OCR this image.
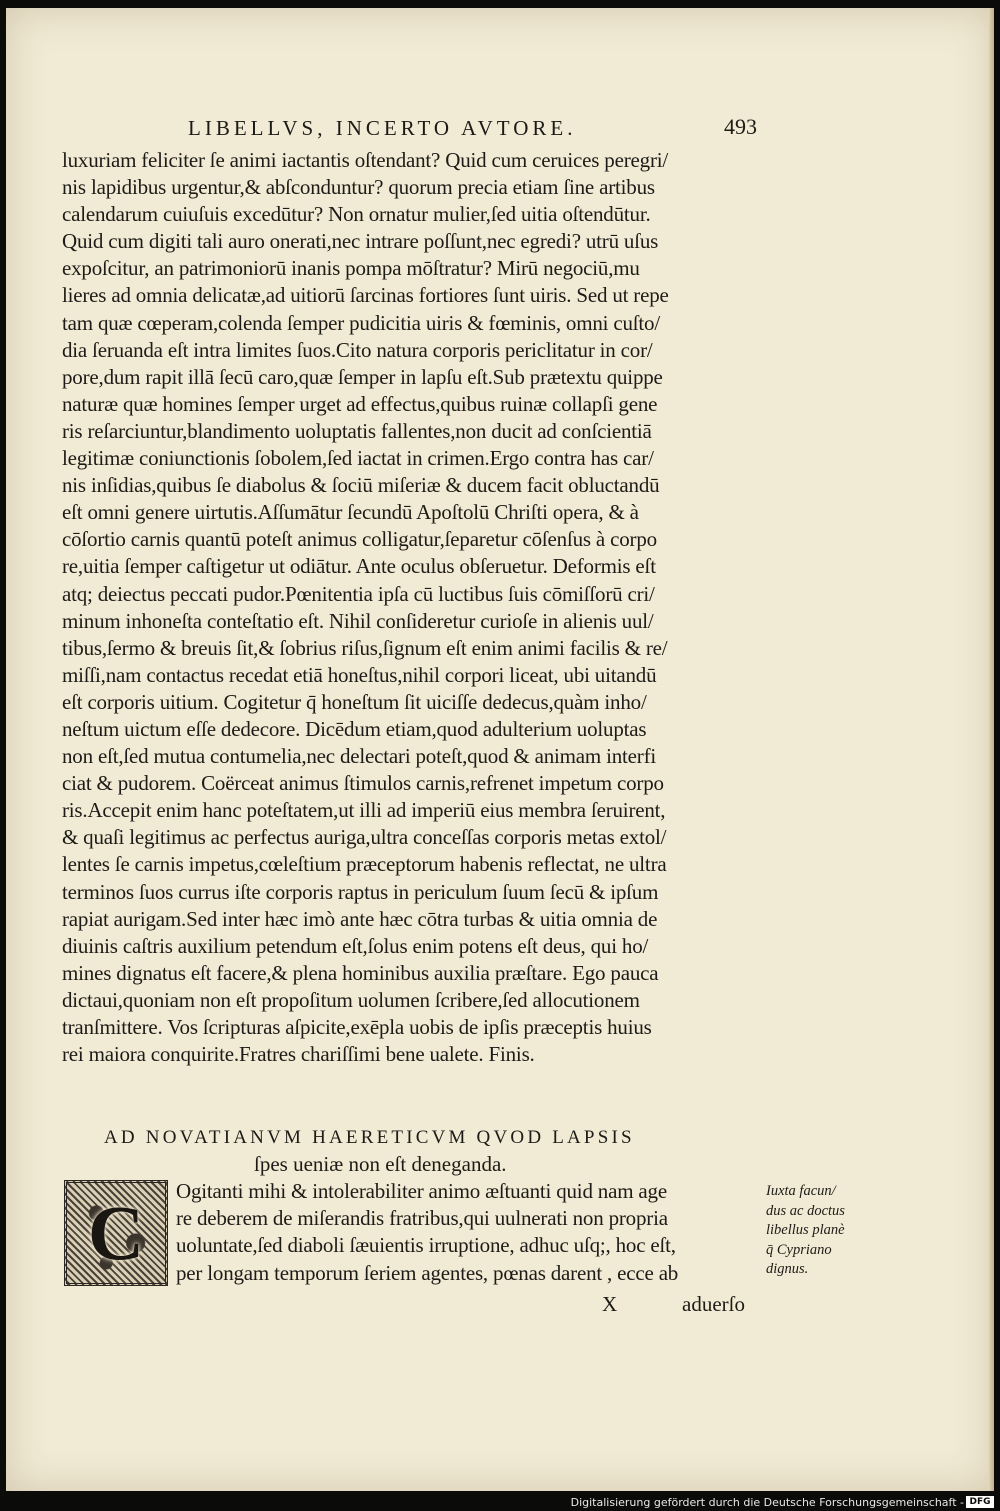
LIBELLVS, INCERTO AVTORE.	493
luxuriam feliciter ſe animi iactantis oſtendant? Quid cum ceruices peregri/
nis lapidibus urgentur,& abſconduntur? quorum precia etiam ſine artibus
calendarum cuiuſuis excedūtur? Non ornatur mulier,ſed uitia oſtendūtur.
Quid cum digiti tali auro onerati,nec intrare poſſunt,nec egredi? utrū uſus
expoſcitur, an patrimoniorū inanis pompa mōſtratur? Mirū negociū,mu
lieres ad omnia delicatæ,ad uitiorū ſarcinas fortiores ſunt uiris. Sed ut repe
tam quæ cœperam,colenda ſemper pudicitia uiris & fœminis, omni cuſto/
dia ſeruanda eſt intra limites ſuos.Cito natura corporis periclitatur in cor/
pore,dum rapit illā ſecū caro,quæ ſemper in lapſu eſt.Sub prætextu quippe
naturæ quæ homines ſemper urget ad effectus,quibus ruinæ collapſi gene
ris reſarciuntur,blandimento uoluptatis fallentes,non ducit ad conſcientiā
legitimæ coniunctionis ſobolem,ſed iactat in crimen.Ergo contra has car/
nis inſidias,quibus ſe diabolus & ſociū miſeriæ & ducem facit obluctandū
eſt omni genere uirtutis.Aſſumātur ſecundū Apoſtolū Chriſti opera, & à
cōſortio carnis quantū poteſt animus colligatur,ſeparetur cōſenſus à corpo
re,uitia ſemper caſtigetur ut odiātur. Ante oculus obſeruetur. Deformis eſt
atq; deiectus peccati pudor.Pœnitentia ipſa cū luctibus ſuis cōmiſſorū cri/
minum inhoneſta conteſtatio eſt. Nihil conſideretur curioſe in alienis uul/
tibus,ſermo & breuis ſit,& ſobrius riſus,ſignum eſt enim animi facilis & re/
miſſi,nam contactus recedat etiā honeſtus,nihil corpori liceat, ubi uitandū
eſt corporis uitium. Cogitetur q̄ honeſtum ſit uiciſſe dedecus,quàm inho/
neſtum uictum eſſe dedecore. Dicēdum etiam,quod adulterium uoluptas
non eſt,ſed mutua contumelia,nec delectari poteſt,quod & animam interfi
ciat & pudorem. Coërceat animus ſtimulos carnis,refrenet impetum corpo
ris.Accepit enim hanc poteſtatem,ut illi ad imperiū eius membra ſeruirent,
& quaſi legitimus ac perfectus auriga,ultra conceſſas corporis metas extol/
lentes ſe carnis impetus,cœleſtium præceptorum habenis reflectat, ne ultra
terminos ſuos currus iſte corporis raptus in periculum ſuum ſecū & ipſum
rapiat aurigam.Sed inter hæc imò ante hæc cōtra turbas & uitia omnia de
diuinis caſtris auxilium petendum eſt,ſolus enim potens eſt deus, qui ho/
mines dignatus eſt facere,& plena hominibus auxilia præſtare. Ego pauca
dictaui,quoniam non eſt propoſitum uolumen ſcribere,ſed allocutionem
tranſmittere. Vos ſcripturas aſpicite,exēpla uobis de ipſis præceptis huius
rei maiora conquirite.Fratres chariſſimi bene ualete. Finis.
AD NOVATIANVM HAERETICVM QVOD LAPSIS
ſpes ueniæ non eſt deneganda.
C Ogitanti mihi & intolerabiliter animo æſtuanti quid nam age
re deberem de miſerandis fratribus,qui uulnerati non propria
uoluntate,ſed diaboli ſæuientis irruptione, adhuc uſq;, hoc eſt,
per longam temporum ſeriem agentes, pœnas darent , ecce ab
Iuxta facun/
dus ac doctus
libellus planè
q̄ Cypriano
dignus.
X	aduerſo
Digitalisierung gefördert durch die Deutsche Forschungsgemeinschaft - DFG
